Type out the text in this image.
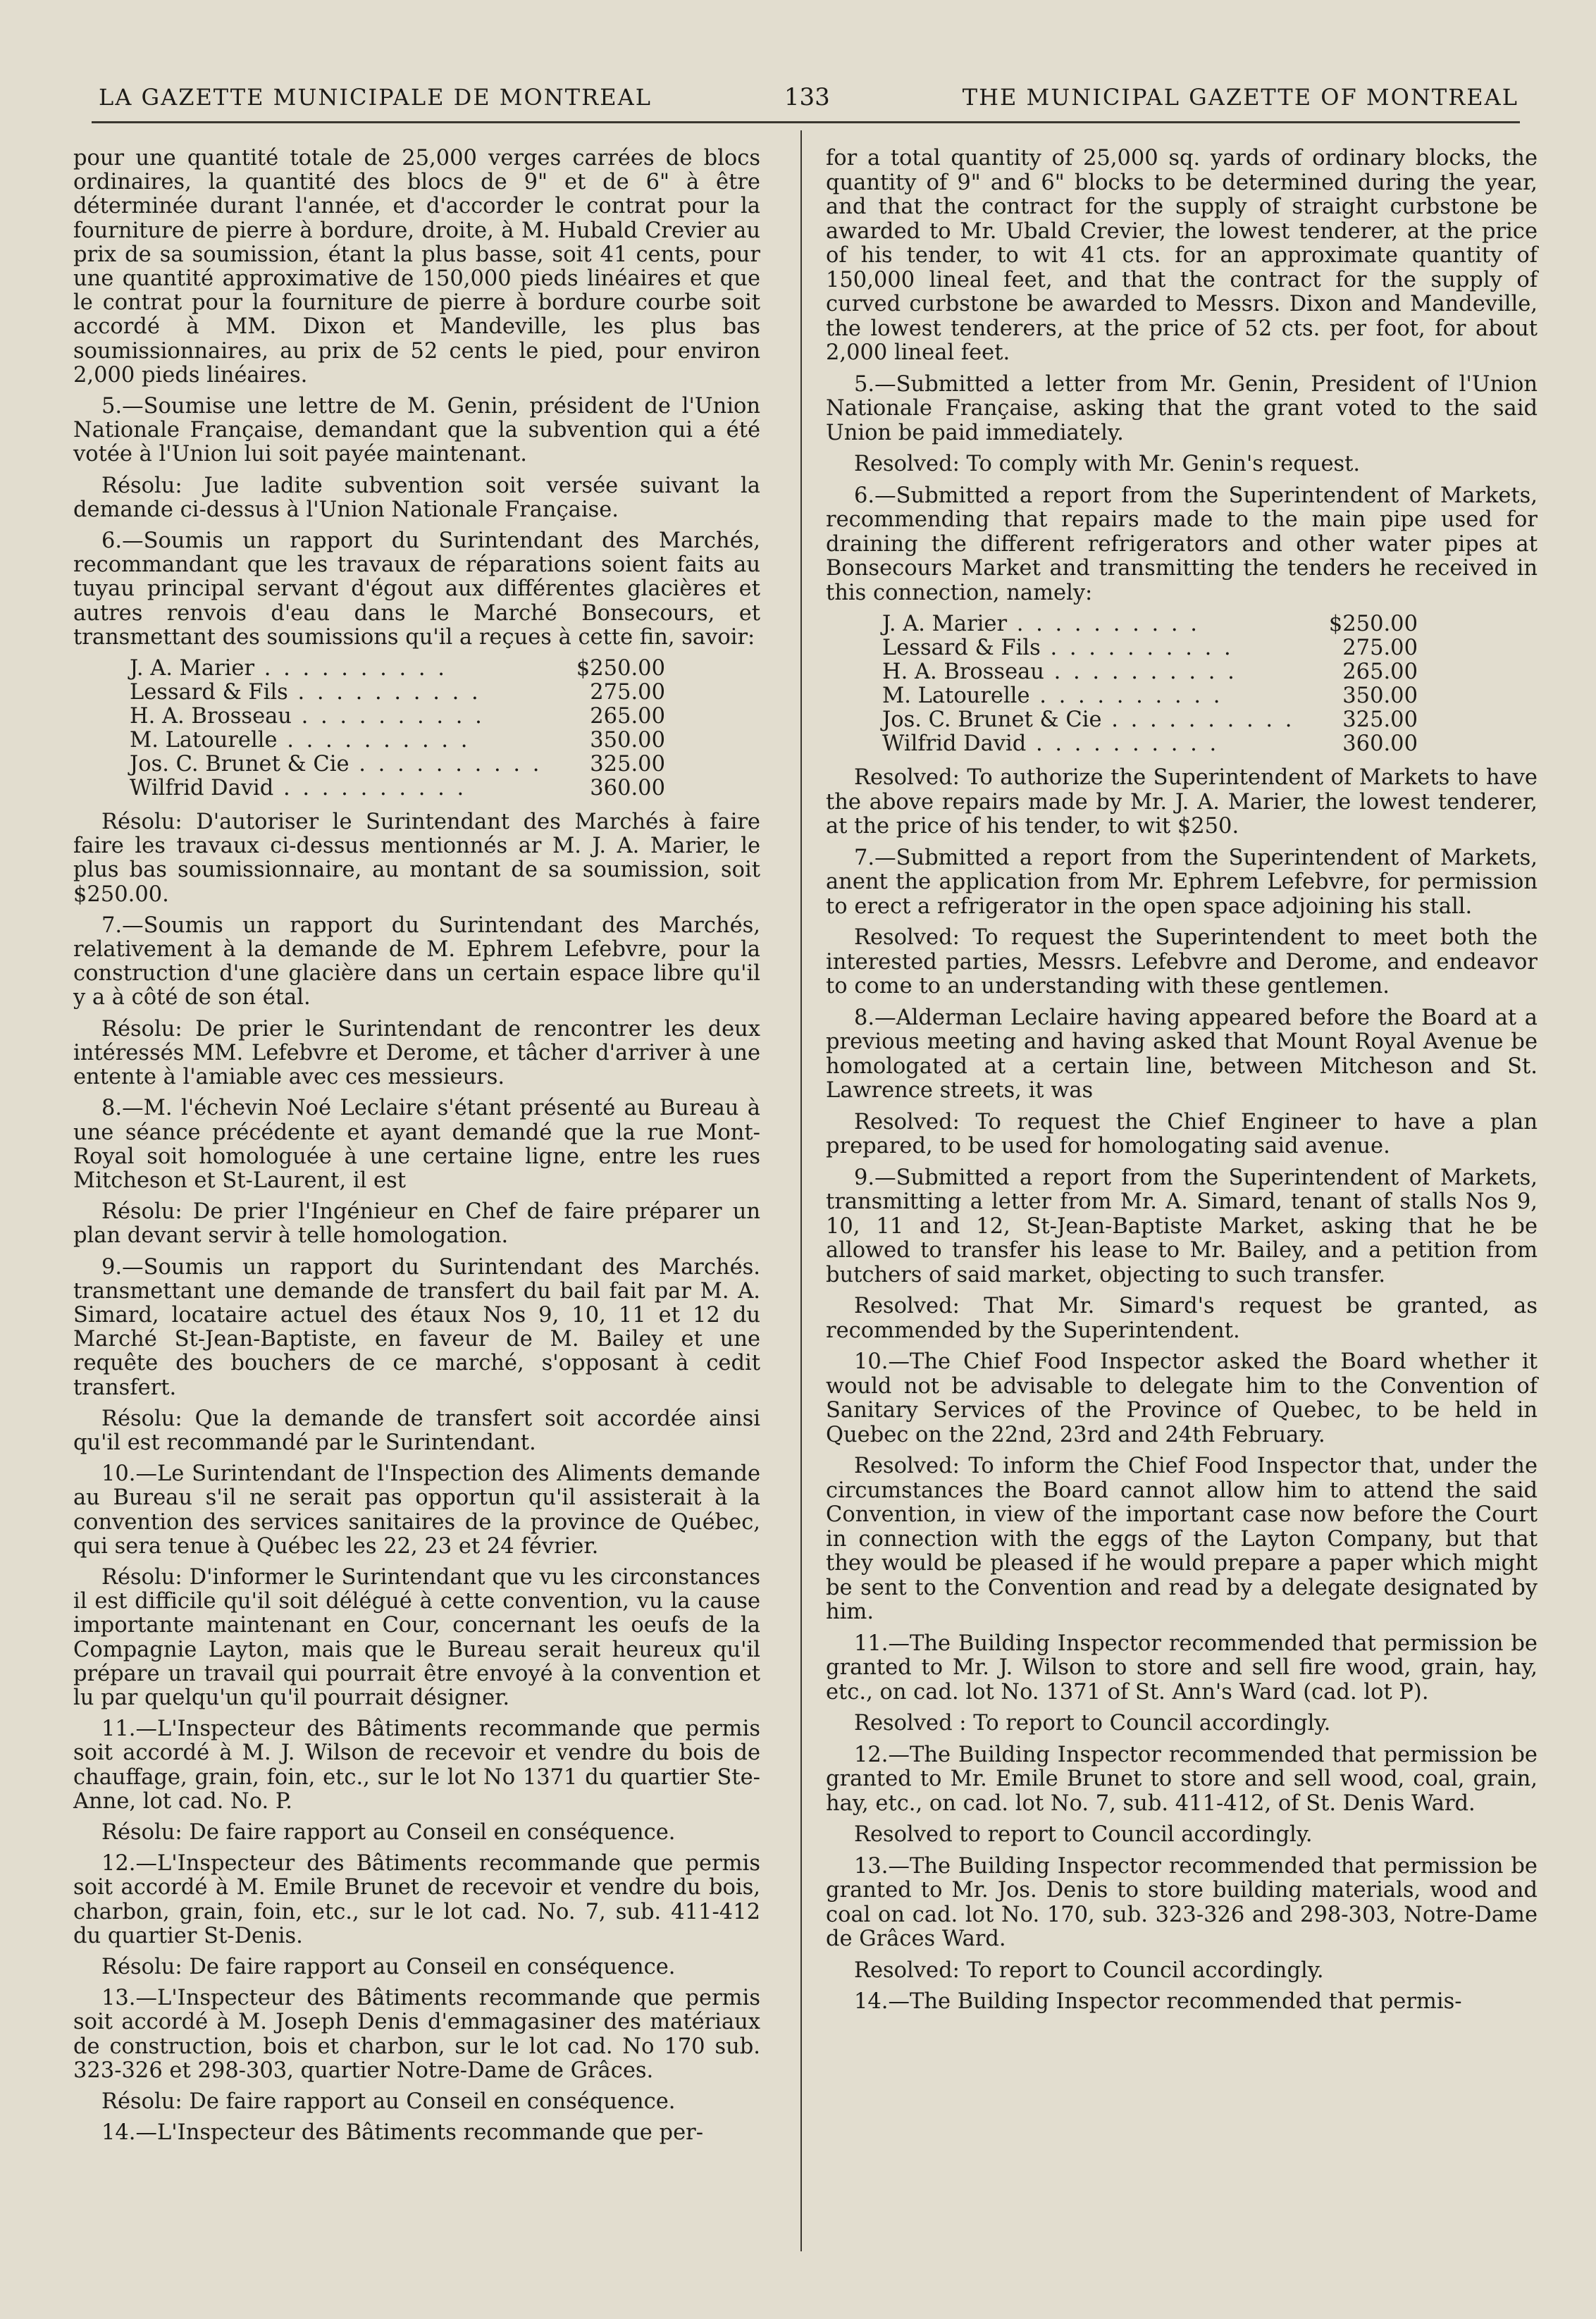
LA GAZETTE MUNICIPALE DE MONTREAL	133	THE MUNICIPAL GAZETTE OF MONTREAL

pour une quantité totale de 25,000 verges carrées de blocs ordinaires, la quantité des blocs de 9" et de 6" à être déterminée durant l'année, et d'accorder le contrat pour la fourniture de pierre à bordure, droite, à M. Hubald Crevier au prix de sa soumission, étant la plus basse, soit 41 cents, pour une quantité approximative de 150,000 pieds linéaires et que le contrat pour la fourniture de pierre à bordure courbe soit accordé à MM. Dixon et Mandeville, les plus bas soumissionnaires, au prix de 52 cents le pied, pour environ 2,000 pieds linéaires.

5.—Soumise une lettre de M. Genin, président de l'Union Nationale Française, demandant que la subvention qui a été votée à l'Union lui soit payée maintenant.

Résolu: Jue ladite subvention soit versée suivant la demande ci-dessus à l'Union Nationale Française.

6.—Soumis un rapport du Surintendant des Marchés, recommandant que les travaux de réparations soient faits au tuyau principal servant d'égout aux différentes glacières et autres renvois d'eau dans le Marché Bonsecours, et transmettant des soumissions qu'il a reçues à cette fin, savoir:

J. A. Marier . . .	$250.00
Lessard & Fils . . .	275.00
H. A. Brosseau . . .	265.00
M. Latourelle . . .	350.00
Jos. C. Brunet & Cie . . .	325.00
Wilfrid David . . .	360.00

Résolu: D'autoriser le Surintendant des Marchés à faire faire les travaux ci-dessus mentionnés ar M. J. A. Marier, le plus bas soumissionnaire, au montant de sa soumission, soit $250.00.

7.—Soumis un rapport du Surintendant des Marchés, relativement à la demande de M. Ephrem Lefebvre, pour la construction d'une glacière dans un certain espace libre qu'il y a à côté de son étal.

Résolu: De prier le Surintendant de rencontrer les deux intéressés MM. Lefebvre et Derome, et tâcher d'arriver à une entente à l'amiable avec ces messieurs.

8.—M. l'échevin Noé Leclaire s'étant présenté au Bureau à une séance précédente et ayant demandé que la rue Mont-Royal soit homologuée à une certaine ligne, entre les rues Mitcheson et St-Laurent, il est

Résolu: De prier l'Ingénieur en Chef de faire préparer un plan devant servir à telle homologation.

9.—Soumis un rapport du Surintendant des Marchés. transmettant une demande de transfert du bail fait par M. A. Simard, locataire actuel des étaux Nos 9, 10, 11 et 12 du Marché St-Jean-Baptiste, en faveur de M. Bailey et une requête des bouchers de ce marché, s'opposant à cedit transfert.

Résolu: Que la demande de transfert soit accordée ainsi qu'il est recommandé par le Surintendant.

10.—Le Surintendant de l'Inspection des Aliments demande au Bureau s'il ne serait pas opportun qu'il assisterait à la convention des services sanitaires de la province de Québec, qui sera tenue à Québec les 22, 23 et 24 février.

Résolu: D'informer le Surintendant que vu les circonstances il est difficile qu'il soit délégué à cette convention, vu la cause importante maintenant en Cour, concernant les oeufs de la Compagnie Layton, mais que le Bureau serait heureux qu'il prépare un travail qui pourrait être envoyé à la convention et lu par quelqu'un qu'il pourrait désigner.

11.—L'Inspecteur des Bâtiments recommande que permis soit accordé à M. J. Wilson de recevoir et vendre du bois de chauffage, grain, foin, etc., sur le lot No 1371 du quartier Ste-Anne, lot cad. No. P.

Résolu: De faire rapport au Conseil en conséquence.

12.—L'Inspecteur des Bâtiments recommande que permis soit accordé à M. Emile Brunet de recevoir et vendre du bois, charbon, grain, foin, etc., sur le lot cad. No. 7, sub. 411-412 du quartier St-Denis.

Résolu: De faire rapport au Conseil en conséquence.

13.—L'Inspecteur des Bâtiments recommande que permis soit accordé à M. Joseph Denis d'emmagasiner des matériaux de construction, bois et charbon, sur le lot cad. No 170 sub. 323-326 et 298-303, quartier Notre-Dame de Grâces.

Résolu: De faire rapport au Conseil en conséquence.

14.—L'Inspecteur des Bâtiments recommande que per-

for a total quantity of 25,000 sq. yards of ordinary blocks, the quantity of 9" and 6" blocks to be determined during the year, and that the contract for the supply of straight curbstone be awarded to Mr. Ubald Crevier, the lowest tenderer, at the price of his tender, to wit 41 cts. for an approximate quantity of 150,000 lineal feet, and that the contract for the supply of curved curbstone be awarded to Messrs. Dixon and Mandeville, the lowest tenderers, at the price of 52 cts. per foot, for about 2,000 lineal feet.

5.—Submitted a letter from Mr. Genin, President of l'Union Nationale Française, asking that the grant voted to the said Union be paid immediately.

Resolved: To comply with Mr. Genin's request.

6.—Submitted a report from the Superintendent of Markets, recommending that repairs made to the main pipe used for draining the different refrigerators and other water pipes at Bonsecours Market and transmitting the tenders he received in this connection, namely:

J. A. Marier . . .	$250.00
Lessard & Fils . . .	275.00
H. A. Brosseau . . .	265.00
M. Latourelle . . .	350.00
Jos. C. Brunet & Cie . . .	325.00
Wilfrid David . . .	360.00

Resolved: To authorize the Superintendent of Markets to have the above repairs made by Mr. J. A. Marier, the lowest tenderer, at the price of his tender, to wit $250.

7.—Submitted a report from the Superintendent of Markets, anent the application from Mr. Ephrem Lefebvre, for permission to erect a refrigerator in the open space adjoining his stall.

Resolved: To request the Superintendent to meet both the interested parties, Messrs. Lefebvre and Derome, and endeavor to come to an understanding with these gentlemen.

8.—Alderman Leclaire having appeared before the Board at a previous meeting and having asked that Mount Royal Avenue be homologated at a certain line, between Mitcheson and St. Lawrence streets, it was

Resolved: To request the Chief Engineer to have a plan prepared, to be used for homologating said avenue.

9.—Submitted a report from the Superintendent of Markets, transmitting a letter from Mr. A. Simard, tenant of stalls Nos 9, 10, 11 and 12, St-Jean-Baptiste Market, asking that he be allowed to transfer his lease to Mr. Bailey, and a petition from butchers of said market, objecting to such transfer.

Resolved: That Mr. Simard's request be granted, as recommended by the Superintendent.

10.—The Chief Food Inspector asked the Board whether it would not be advisable to delegate him to the Convention of Sanitary Services of the Province of Quebec, to be held in Quebec on the 22nd, 23rd and 24th February.

Resolved: To inform the Chief Food Inspector that, under the circumstances the Board cannot allow him to attend the said Convention, in view of the important case now before the Court in connection with the eggs of the Layton Company, but that they would be pleased if he would prepare a paper which might be sent to the Convention and read by a delegate designated by him.

11.—The Building Inspector recommended that permission be granted to Mr. J. Wilson to store and sell fire wood, grain, hay, etc., on cad. lot No. 1371 of St. Ann's Ward (cad. lot P).

Resolved : To report to Council accordingly.

12.—The Building Inspector recommended that permission be granted to Mr. Emile Brunet to store and sell wood, coal, grain, hay, etc., on cad. lot No. 7, sub. 411-412, of St. Denis Ward.

Resolved to report to Council accordingly.

13.—The Building Inspector recommended that permission be granted to Mr. Jos. Denis to store building materials, wood and coal on cad. lot No. 170, sub. 323-326 and 298-303, Notre-Dame de Grâces Ward.

Resolved: To report to Council accordingly.

14.—The Building Inspector recommended that permis-
